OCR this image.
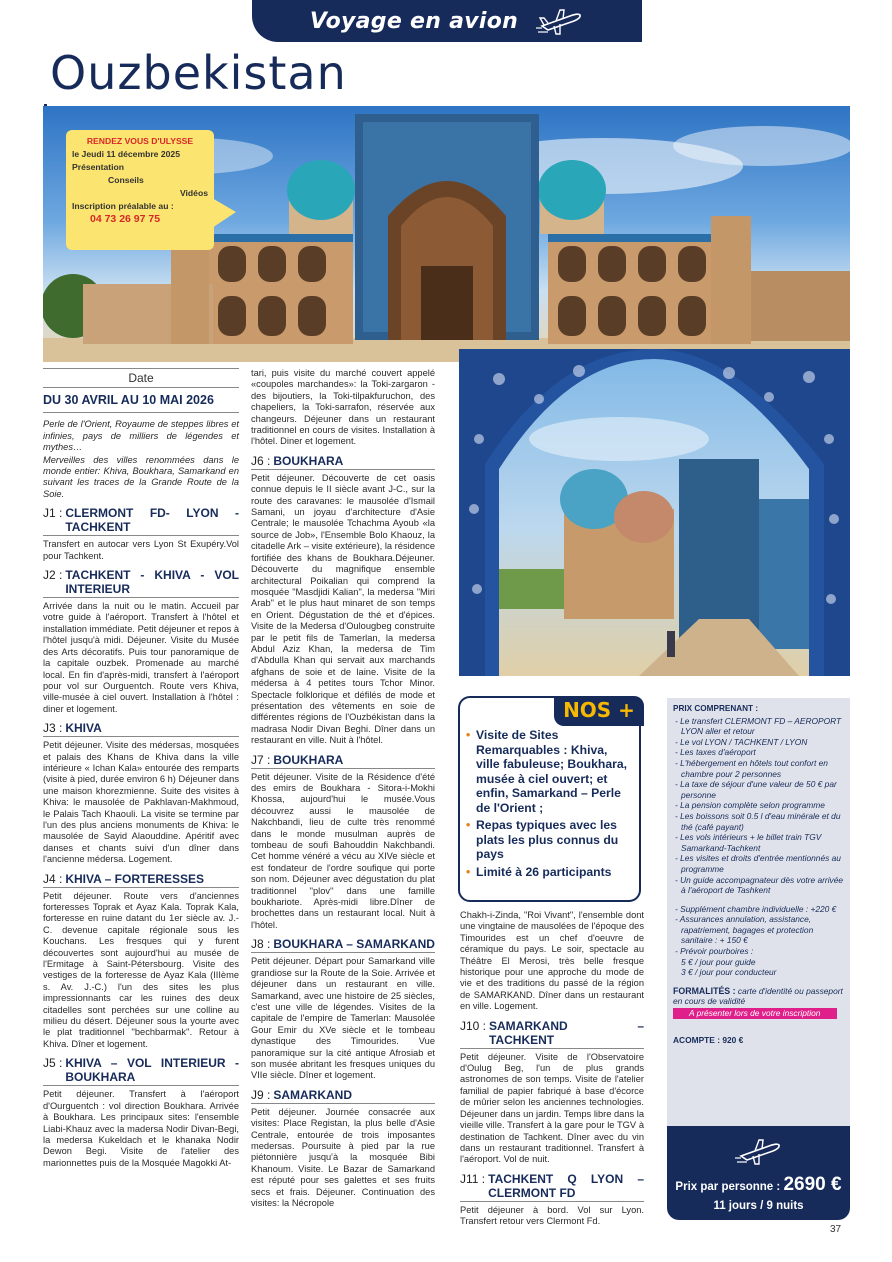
Voyage en avion
Ouzbekistan
RENDEZ VOUS D'ULYSSE
le Jeudi 11 décembre 2025
Présentation
Conseils
Vidéos
Inscription préalable au :
04 73 26 97 75
Date
DU 30 AVRIL AU 10 MAI 2026

Perle de l'Orient, Royaume de steppes libres et infinies, pays de milliers de légendes et mythes…

Merveilles des villes renommées dans le monde entier: Khiva, Boukhara, Samarkand en suivant les traces de la Grande Route de la Soie.

J1 : CLERMONT FD- LYON - TACHKENT

Transfert en autocar vers Lyon St Exupéry.Vol pour Tachkent.

J2 : TACHKENT - KHIVA - VOL INTERIEUR

Arrivée dans la nuit ou le matin. Accueil par votre guide à l'aéroport. Transfert à l'hôtel et installation immédiate. Petit déjeuner et repos à l'hôtel jusqu'à midi. Déjeuner. Visite du Musée des Arts décoratifs. Puis tour panoramique de la capitale ouzbek. Promenade au marché local. En fin d'après-midi, transfert à l'aéroport pour vol sur Ourguentch. Route vers Khiva, ville-musée à ciel ouvert. Installation à l'hôtel : diner et logement.

J3 : KHIVA

Petit déjeuner. Visite des médersas, mosquées et palais des Khans de Khiva dans la ville intérieure « Ichan Kala» entourée des remparts (visite à pied, durée environ 6 h) Déjeuner dans une maison khorezmienne. Suite des visites à Khiva: le mausolée de Pakhlavan-Makhmoud, le Palais Tach Khaouli. La visite se termine par l'un des plus anciens monuments de Khiva: le mausolée de Sayid Alaouddine. Apéritif avec danses et chants suivi d'un dîner dans l'ancienne médersa. Logement.

J4 : KHIVA – FORTERESSES

Petit déjeuner. Route vers d'anciennes forteresses Toprak et Ayaz Kala. Toprak Kala, forteresse en ruine datant du 1er siècle av. J.-C. devenue capitale régionale sous les Kouchans. Les fresques qui y furent découvertes sont aujourd'hui au musée de l'Ermitage à Saint-Pétersbourg. Visite des vestiges de la forteresse de Ayaz Kala (IIIème s. Av. J.-C.) l'un des sites les plus impressionnants car les ruines des deux citadelles sont perchées sur une colline au milieu du désert. Déjeuner sous la yourte avec le plat traditionnel ''bechbarmak''. Retour à Khiva. Dîner et logement.

J5 : KHIVA – VOL INTERIEUR - BOUKHARA

Petit déjeuner. Transfert à l'aéroport d'Ourguentch : vol direction Boukhara. Arrivée à Boukhara. Les principaux sites: l'ensemble Liabi-Khauz avec la madersa Nodir Divan-Begi, la medersa Kukeldach et le khanaka Nodir Dewon Begi. Visite de l'atelier des marionnettes puis de la Mosquée Magokki At-

tari, puis visite du marché couvert appelé «coupoles marchandes»: la Toki-zargaron - des bijoutiers, la Toki-tilpakfuruchon, des chapeliers, la Toki-sarrafon, réservée aux changeurs. Déjeuner dans un restaurant traditionnel en cours de visites. Installation à l'hôtel. Diner et logement.

J6 : BOUKHARA

Petit déjeuner. Découverte de cet oasis connue depuis le II siècle avant J-C., sur la route des caravanes: le mausolée d'Ismail Samani, un joyau d'architecture d'Asie Centrale; le mausolée Tchachma Ayoub «la source de Job», l'Ensemble Bolo Khaouz, la citadelle Ark – visite extérieure), la résidence fortifiée des khans de Boukhara.Déjeuner. Découverte du magnifique ensemble architectural Poikalian qui comprend la mosquée "Masdjidi Kalian", la medersa "Miri Arab" et le plus haut minaret de son temps en Orient. Dégustation de thé et d'épices. Visite de la Medersa d'Oulougbeg construite par le petit fils de Tamerlan, la medersa Abdul Aziz Khan, la medersa de Tim d'Abdulla Khan qui servait aux marchands afghans de soie et de laine. Visite de la médersa à 4 petites tours Tchor Minor. Spectacle folklorique et défilés de mode et présentation des vêtements en soie de différentes régions de l'Ouzbékistan dans la madrasa Nodir Divan Beghi. Dîner dans un restaurant en ville. Nuit à l'hôtel.

J7 : BOUKHARA

Petit déjeuner. Visite de la Résidence d'été des emirs de Boukhara - Sitora-i-Mokhi Khossa, aujourd'hui le musée.Vous découvrez aussi le mausolée de Nakchbandi, lieu de culte très renommé dans le monde musulman auprès de tombeau de soufi Bahouddin Nakchbandi. Cet homme vénéré a vécu au XIVe siècle et est fondateur de l'ordre soufique qui porte son nom. Déjeuner avec dégustation du plat traditionnel ''plov'' dans une famille boukhariote. Après-midi libre.Dîner de brochettes dans un restaurant local. Nuit à l'hôtel.

J8 : BOUKHARA – SAMARKAND

Petit déjeuner. Départ pour Samarkand ville grandiose sur la Route de la Soie. Arrivée et déjeuner dans un restaurant en ville. Samarkand, avec une histoire de 25 siècles, c'est une ville de légendes. Visites de la capitale de l'empire de Tamerlan: Mausolée Gour Emir du XVe siècle et le tombeau dynastique des Timourides. Vue panoramique sur la cité antique Afrosiab et son musée abritant les fresques uniques du VIIe siècle. Dîner et logement.

J9 : SAMARKAND

Petit déjeuner. Journée consacrée aux visites: Place Registan, la plus belle d'Asie Centrale, entourée de trois imposantes medersas. Poursuite à pied par la rue piétonnière jusqu'à la mosquée Bibi Khanoum. Visite. Le Bazar de Samarkand est réputé pour ses galettes et ses fruits secs et frais. Déjeuner. Continuation des visites: la Nécropole

NOS +
• Visite de Sites Remarquables : Khiva, ville fabuleuse; Boukhara, musée à ciel ouvert; et enfin, Samarkand – Perle de l'Orient ;
• Repas typiques avec les plats les plus connus du pays
• Limité à 26 participants

Chakh-i-Zinda, "Roi Vivant", l'ensemble dont une vingtaine de mausolées de l'époque des Timourides est un chef d'oeuvre de céramique du pays. Le soir, spectacle au Théâtre El Merosi, très belle fresque historique pour une approche du mode de vie et des traditions du passé de la région de SAMARKAND. Dîner dans un restaurant en ville. Logement.

J10 : SAMARKAND – TACHKENT

Petit déjeuner. Visite de l'Observatoire d'Oulug Beg, l'un de plus grands astronomes de son temps. Visite de l'atelier familial de papier fabriqué à base d'écorce de mûrier selon les anciennes technologies. Déjeuner dans un jardin. Temps libre dans la vieille ville. Transfert à la gare pour le TGV à destination de Tachkent. Dîner avec du vin dans un restaurant traditionnel. Transfert à l'aéroport. Vol de nuit.

J11 : TACHKENT Q LYON – CLERMONT FD

Petit déjeuner à bord. Vol sur Lyon. Transfert retour vers Clermont Fd.

PRIX COMPRENANT :
- Le transfert CLERMONT FD – AEROPORT LYON aller et retour
- Le vol LYON / TACHKENT / LYON
- Les taxes d'aéroport
- L'hébergement en hôtels tout confort en chambre pour 2 personnes
- La taxe de séjour d'une valeur de 50 € par personne
- La pension complète selon programme
- Les boissons soit 0.5 l d'eau minérale et du thé (café payant)
- Les vols intérieurs + le billet train TGV Samarkand-Tachkent
- Les visites et droits d'entrée mentionnés au programme
- Un guide accompagnateur dès votre arrivée à l'aéroport de Tashkent
- Supplément chambre individuelle : +220 €
- Assurances annulation, assistance, rapatriement, bagages et protection sanitaire : + 150 €
- Prévoir pourboires :
5 € / jour pour guide
3 € / jour pour conducteur
FORMALITÉS : carte d'identité ou passeport en cours de validité
A présenter lors de votre inscription
ACOMPTE : 920 €
Prix par personne : 2690 €
11 jours / 9 nuits
37
